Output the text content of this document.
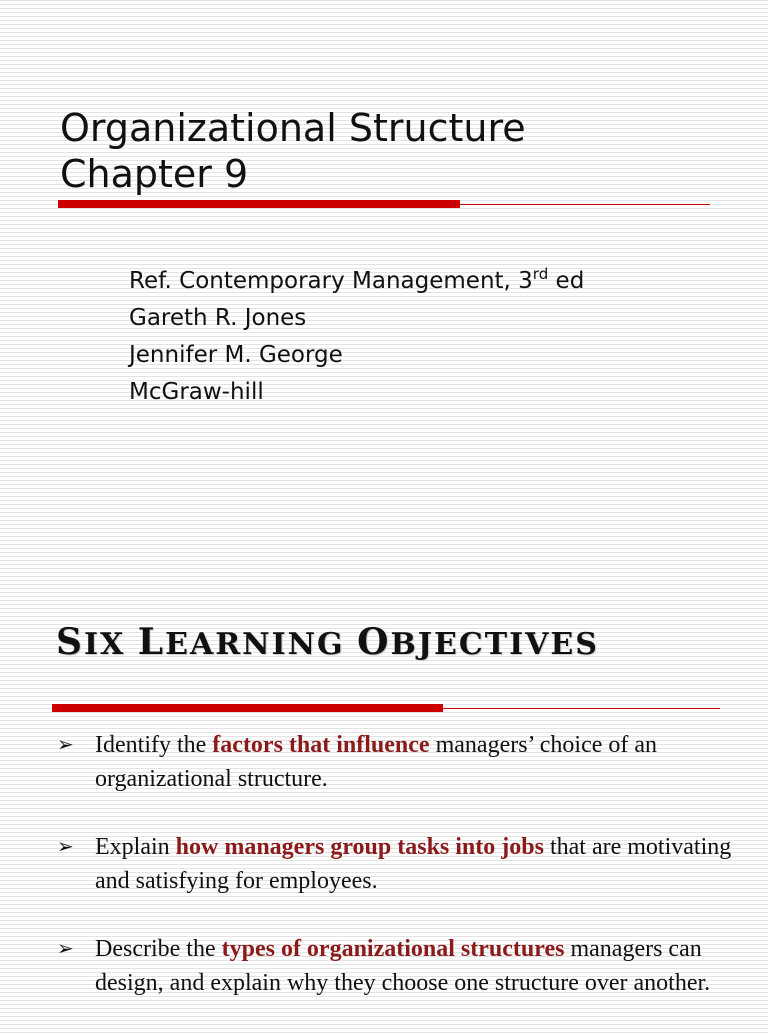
Organizational Structure
Chapter 9
Ref. Contemporary Management, 3rd ed
Gareth R. Jones
Jennifer M. George
McGraw-hill
SIX LEARNING OBJECTIVES
➢ Identify the factors that influence managers’ choice of an organizational structure.
➢ Explain how managers group tasks into jobs that are motivating and satisfying for employees.
➢ Describe the types of organizational structures managers can design, and explain why they choose one structure over another.
